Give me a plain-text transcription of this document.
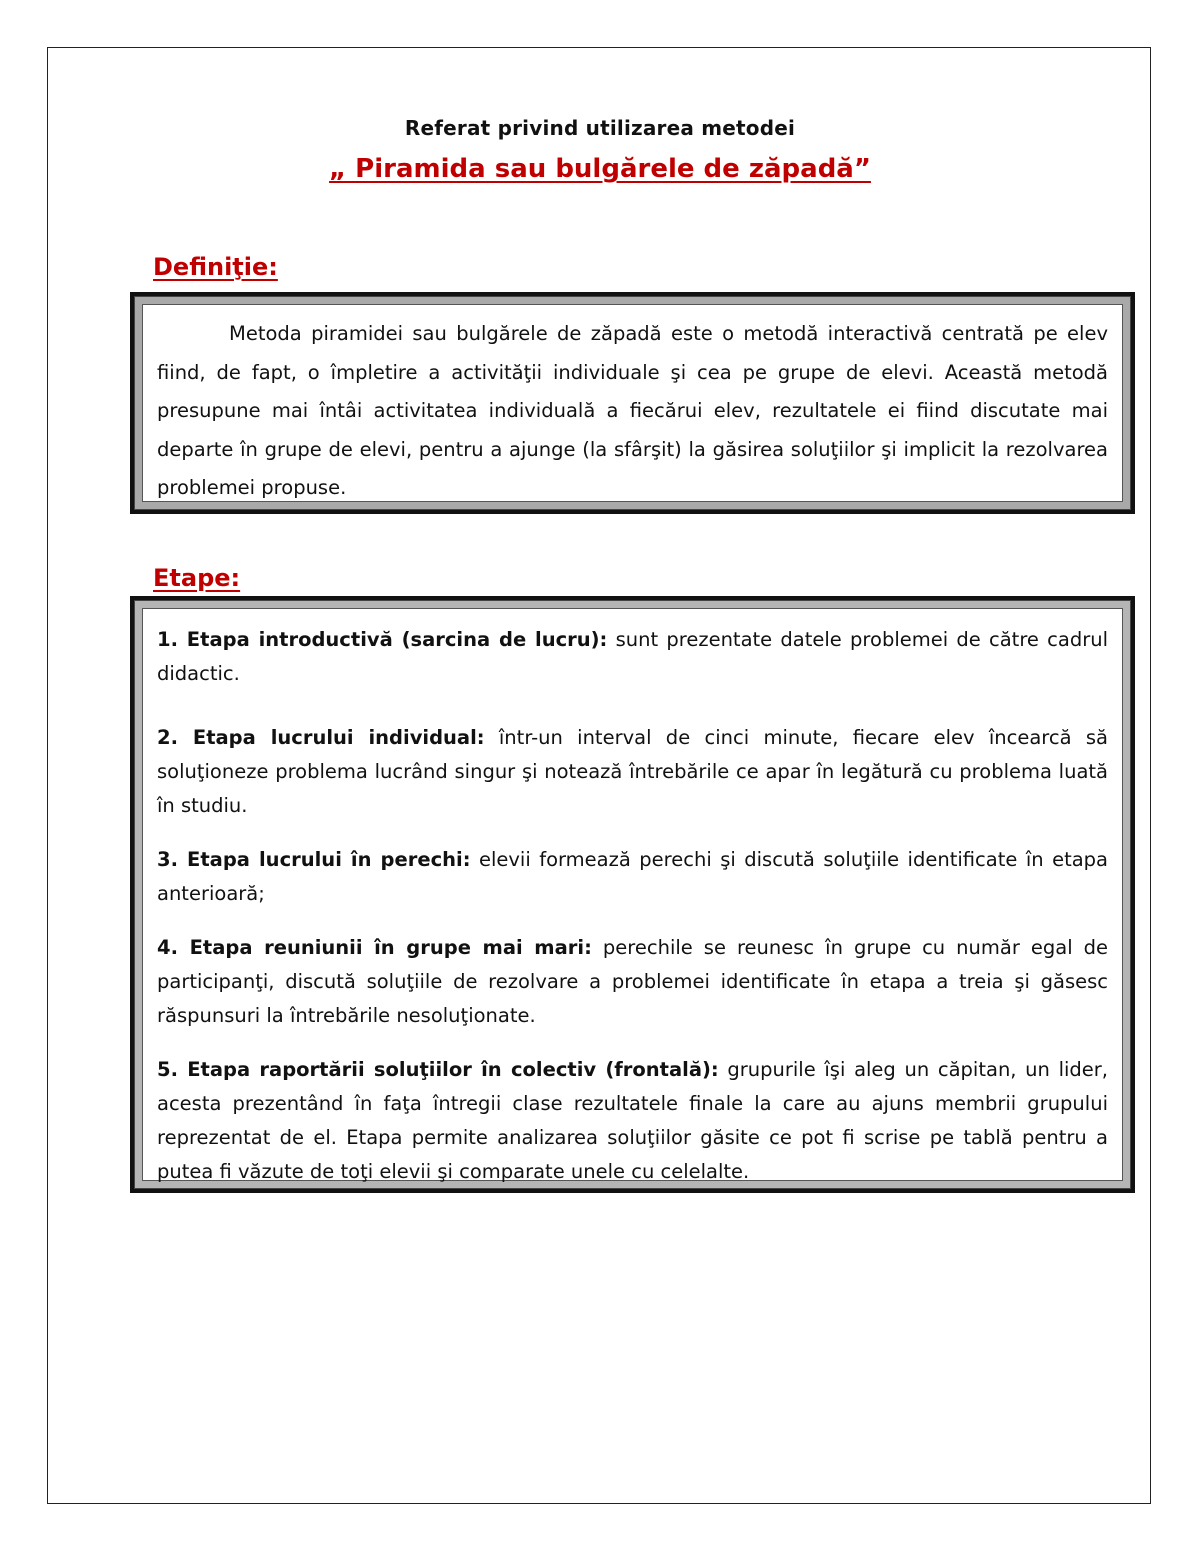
Referat privind utilizarea metodei
„ Piramida sau bulgărele de zăpadă”
Definiţie:

Metoda piramidei sau bulgărele de zăpadă este o metodă interactivă centrată pe elev fiind, de fapt, o împletire a activităţii individuale şi cea pe grupe de elevi. Această metodă presupune mai întâi activitatea individuală a fiecărui elev, rezultatele ei fiind discutate mai departe în grupe de elevi, pentru a ajunge (la sfârşit) la găsirea soluţiilor şi implicit la rezolvarea problemei propuse.

Etape:

1. Etapa introductivă (sarcina de lucru): sunt prezentate datele problemei de către cadrul didactic.

2. Etapa lucrului individual: într-un interval de cinci minute, fiecare elev încearcă să soluţioneze problema lucrând singur şi notează întrebările ce apar în legătură cu problema luată în studiu.

3. Etapa lucrului în perechi: elevii formează perechi şi discută soluţiile identificate în etapa anterioară;

4. Etapa reuniunii în grupe mai mari: perechile se reunesc în grupe cu număr egal de participanţi, discută soluţiile de rezolvare a problemei identificate în etapa a treia şi găsesc răspunsuri la întrebările nesoluţionate.

5. Etapa raportării soluţiilor în colectiv (frontală): grupurile îşi aleg un căpitan, un lider, acesta prezentând în faţa întregii clase rezultatele finale la care au ajuns membrii grupului reprezentat de el. Etapa permite analizarea soluţiilor găsite ce pot fi scrise pe tablă pentru a putea fi văzute de toţi elevii şi comparate unele cu celelalte.
